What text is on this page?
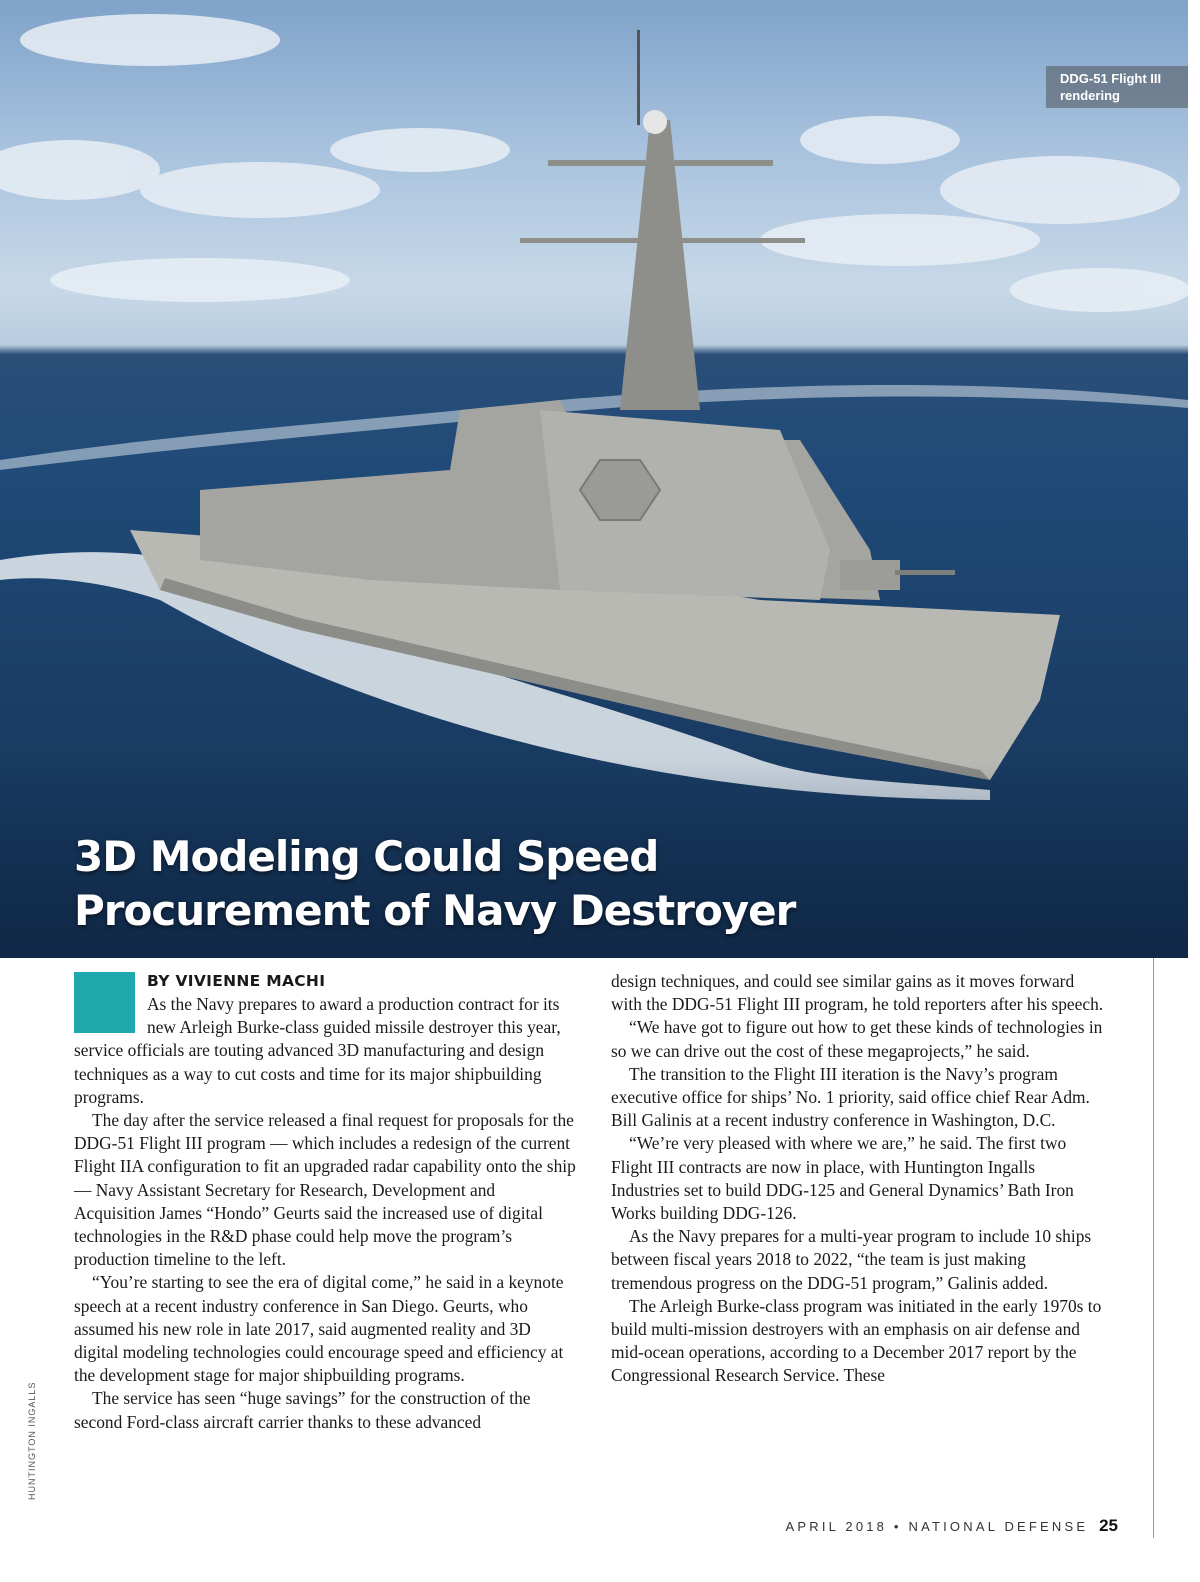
DDG-51 Flight III rendering
3D Modeling Could Speed Procurement of Navy Destroyer
HUNTINGTON INGALLS
BY VIVIENNE MACHI

As the Navy prepares to award a production contract for its new Arleigh Burke-class guided missile destroyer this year, service officials are touting advanced 3D manufacturing and design techniques as a way to cut costs and time for its major shipbuilding programs.

The day after the service released a final request for proposals for the DDG-51 Flight III program — which includes a redesign of the current Flight IIA configuration to fit an upgraded radar capability onto the ship — Navy Assistant Secretary for Research, Development and Acquisition James “Hondo” Geurts said the increased use of digital technologies in the R&D phase could help move the program’s production timeline to the left.

“You’re starting to see the era of digital come,” he said in a keynote speech at a recent industry conference in San Diego. Geurts, who assumed his new role in late 2017, said augmented reality and 3D digital modeling technologies could encourage speed and efficiency at the development stage for major shipbuilding programs.

The service has seen “huge savings” for the construction of the second Ford-class aircraft carrier thanks to these advanced

design techniques, and could see similar gains as it moves forward with the DDG-51 Flight III program, he told reporters after his speech.

“We have got to figure out how to get these kinds of technologies in so we can drive out the cost of these megaprojects,” he said.

The transition to the Flight III iteration is the Navy’s program executive office for ships’ No. 1 priority, said office chief Rear Adm. Bill Galinis at a recent industry conference in Washington, D.C.

“We’re very pleased with where we are,” he said. The first two Flight III contracts are now in place, with Huntington Ingalls Industries set to build DDG-125 and General Dynamics’ Bath Iron Works building DDG-126.

As the Navy prepares for a multi-year program to include 10 ships between fiscal years 2018 to 2022, “the team is just making tremendous progress on the DDG-51 program,” Galinis added.

The Arleigh Burke-class program was initiated in the early 1970s to build multi-mission destroyers with an emphasis on air defense and mid-ocean operations, according to a December 2017 report by the Congressional Research Service. These

APRIL 2018 • NATIONAL DEFENSE 25
